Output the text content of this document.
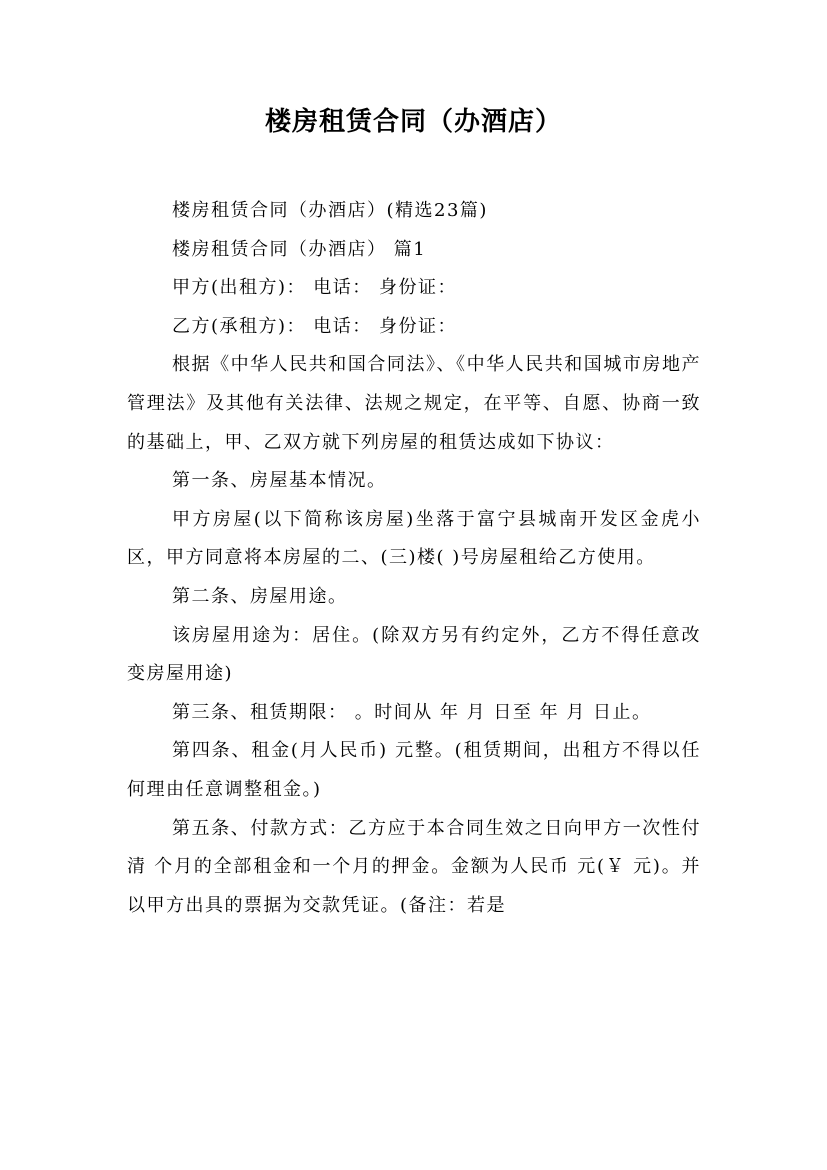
楼房租赁合同（办酒店）

楼房租赁合同（办酒店）(精选23篇)

楼房租赁合同（办酒店） 篇1

甲方(出租方)： 电话： 身份证：

乙方(承租方)： 电话： 身份证：

根据《中华人民共和国合同法》、《中华人民共和国城市房地产管理法》及其他有关法律、法规之规定，在平等、自愿、协商一致的基础上，甲、乙双方就下列房屋的租赁达成如下协议：

第一条、房屋基本情况。

甲方房屋(以下简称该房屋)坐落于富宁县城南开发区金虎小区，甲方同意将本房屋的二、(三)楼( )号房屋租给乙方使用。

第二条、房屋用途。

该房屋用途为：居住。(除双方另有约定外，乙方不得任意改变房屋用途)

第三条、租赁期限： 。时间从 年 月 日至 年 月 日止。

第四条、租金(月人民币) 元整。(租赁期间，出租方不得以任何理由任意调整租金。)

第五条、付款方式：乙方应于本合同生效之日向甲方一次性付清 个月的全部租金和一个月的押金。金额为人民币 元(￥ 元)。并以甲方出具的票据为交款凭证。(备注：若是
